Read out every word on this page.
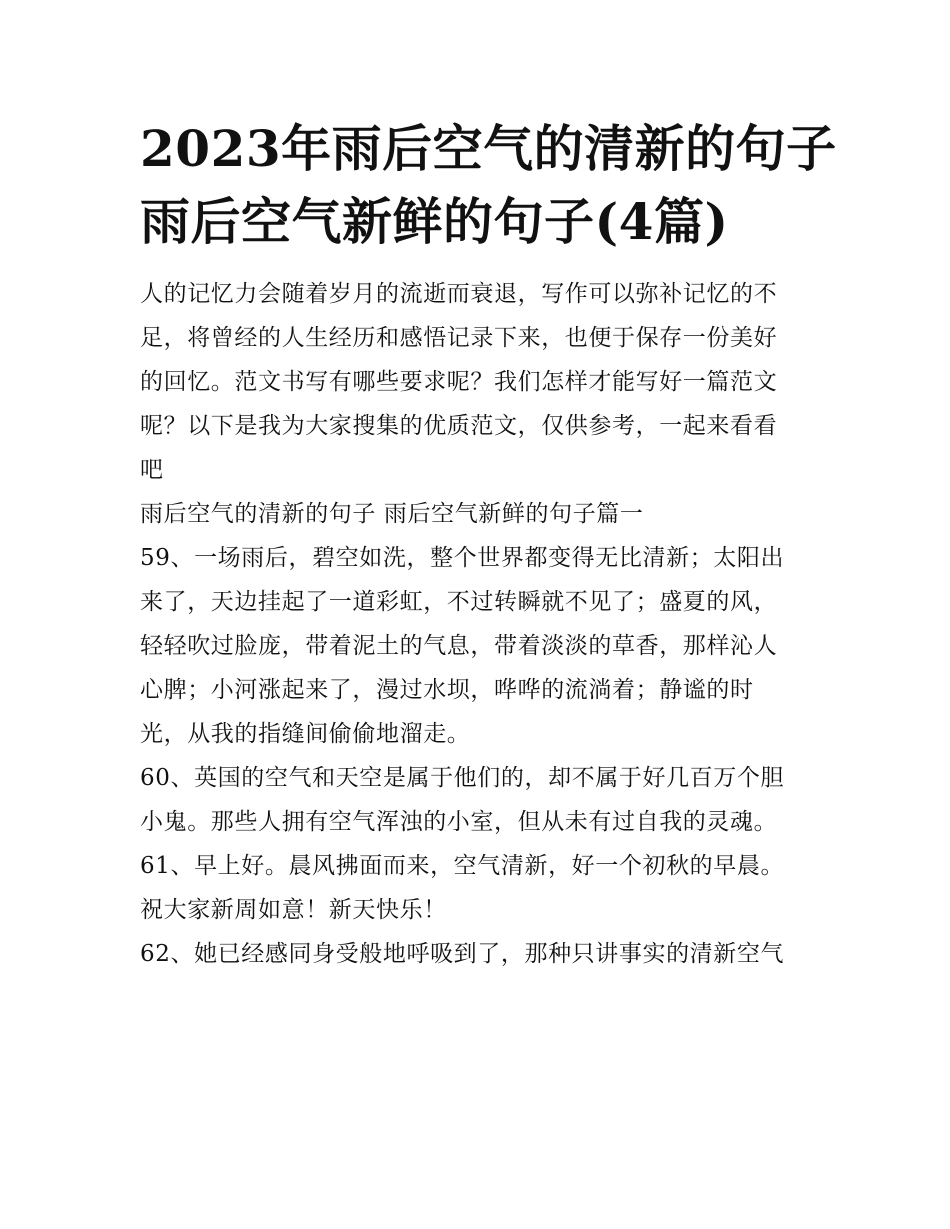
2023年雨后空气的清新的句子
雨后空气新鲜的句子(4篇)

人的记忆力会随着岁月的流逝而衰退，写作可以弥补记忆的不
足，将曾经的人生经历和感悟记录下来，也便于保存一份美好
的回忆。范文书写有哪些要求呢？我们怎样才能写好一篇范文
呢？以下是我为大家搜集的优质范文，仅供参考，一起来看看
吧

雨后空气的清新的句子 雨后空气新鲜的句子篇一

59、一场雨后，碧空如洗，整个世界都变得无比清新；太阳出
来了，天边挂起了一道彩虹，不过转瞬就不见了；盛夏的风，
轻轻吹过脸庞，带着泥土的气息，带着淡淡的草香，那样沁人
心脾；小河涨起来了，漫过水坝，哗哗的流淌着；静谧的时
光，从我的指缝间偷偷地溜走。

60、英国的空气和天空是属于他们的，却不属于好几百万个胆
小鬼。那些人拥有空气浑浊的小室，但从未有过自我的灵魂。

61、早上好。晨风拂面而来，空气清新，好一个初秋的早晨。
祝大家新周如意！新天快乐！

62、她已经感同身受般地呼吸到了，那种只讲事实的清新空气
